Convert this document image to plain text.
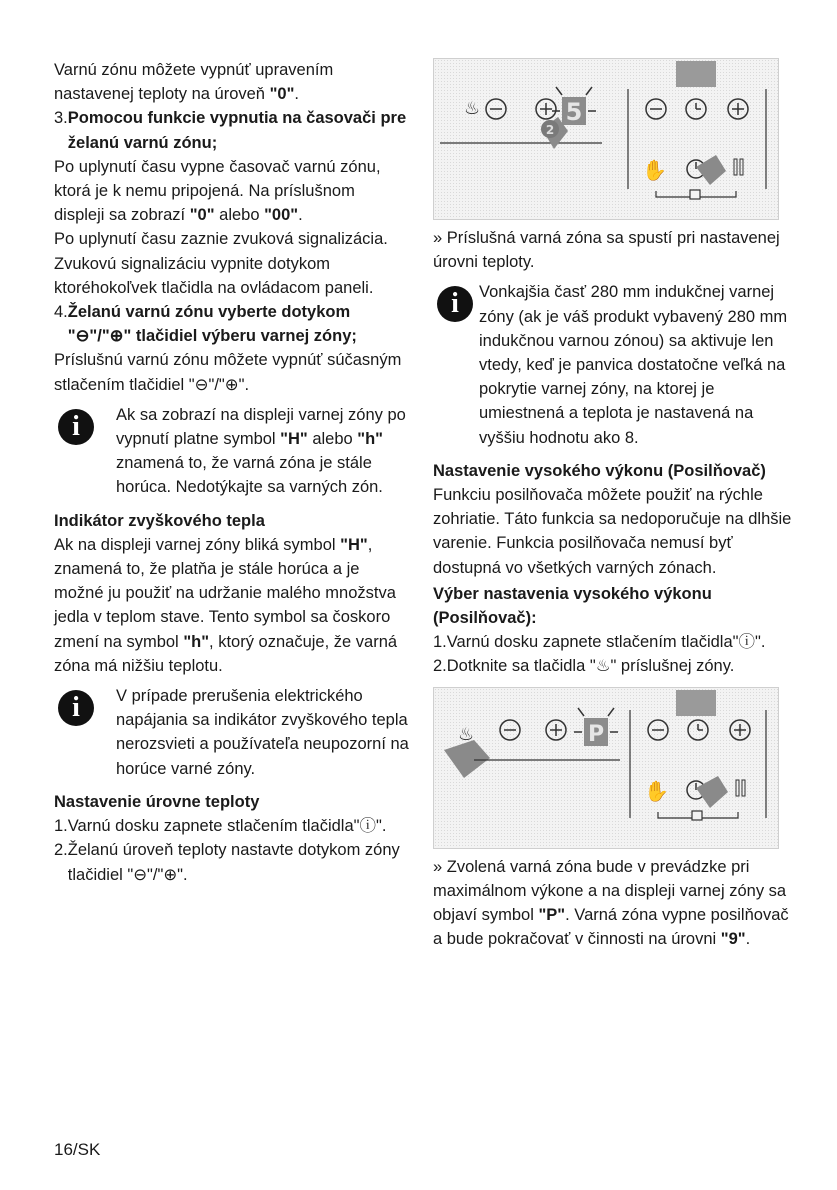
Varnú zónu môžete vypnúť upravením nastavenej teploty na úroveň "0".

3. Pomocou funkcie vypnutia na časovači pre želanú varnú zónu;

Po uplynutí času vypne časovač varnú zónu, ktorá je k nemu pripojená. Na príslušnom displeji sa zobrazí "0" alebo "00".

Po uplynutí času zaznie zvuková signalizácia. Zvukovú signalizáciu vypnite dotykom ktoréhokoľvek tlačidla na ovládacom paneli.

4. Želanú varnú zónu vyberte dotykom "⊖"/"⊕" tlačidiel výberu varnej zóny;

Príslušnú varnú zónu môžete vypnúť súčasným stlačením tlačidiel "⊖"/"⊕".

i	Ak sa zobrazí na displeji varnej zóny po vypnutí platne symbol "H" alebo "h" znamená to, že varná zóna je stále horúca. Nedotýkajte sa varných zón.
Indikátor zvyškového tepla

Ak na displeji varnej zóny bliká symbol "H", znamená to, že platňa je stále horúca a je možné ju použiť na udržanie malého množstva jedla v teplom stave. Tento symbol sa čoskoro zmení na symbol "h", ktorý označuje, že varná zóna má nižšiu teplotu.

i	V prípade prerušenia elektrického napájania sa indikátor zvyškového tepla nerozsvieti a používateľa neupozorní na horúce varné zóny.
Nastavenie úrovne teploty
1. Varnú dosku zapnete stlačením tlačidla"ⓘ".
2. Želanú úroveň teploty nastavte dotykom zóny tlačidiel "⊖"/"⊕".
♨	5
2
✋

» Príslušná varná zóna sa spustí pri nastavenej úrovni teploty.

i	Vonkajšia časť 280 mm indukčnej varnej zóny (ak je váš produkt vybavený 280 mm indukčnou varnou zónou) sa aktivuje len vtedy, keď je panvica dostatočne veľká na pokrytie varnej zóny, na ktorej je umiestnená a teplota je nastavená na vyššiu hodnotu ako 8.
Nastavenie vysokého výkonu (Posilňovač)

Funkciu posilňovača môžete použiť na rýchle zohriatie. Táto funkcia sa nedoporučuje na dlhšie varenie. Funkcia posilňovača nemusí byť dostupná vo všetkých varných zónach.

Výber nastavenia vysokého výkonu (Posilňovač):
1. Varnú dosku zapnete stlačením tlačidla"ⓘ".
2. Dotknite sa tlačidla "♨" príslušnej zóny.
♨	P
✋

» Zvolená varná zóna bude v prevádzke pri maximálnom výkone a na displeji varnej zóny sa objaví symbol "P". Varná zóna vypne posilňovač a bude pokračovať v činnosti na úrovni "9".

16/SK
